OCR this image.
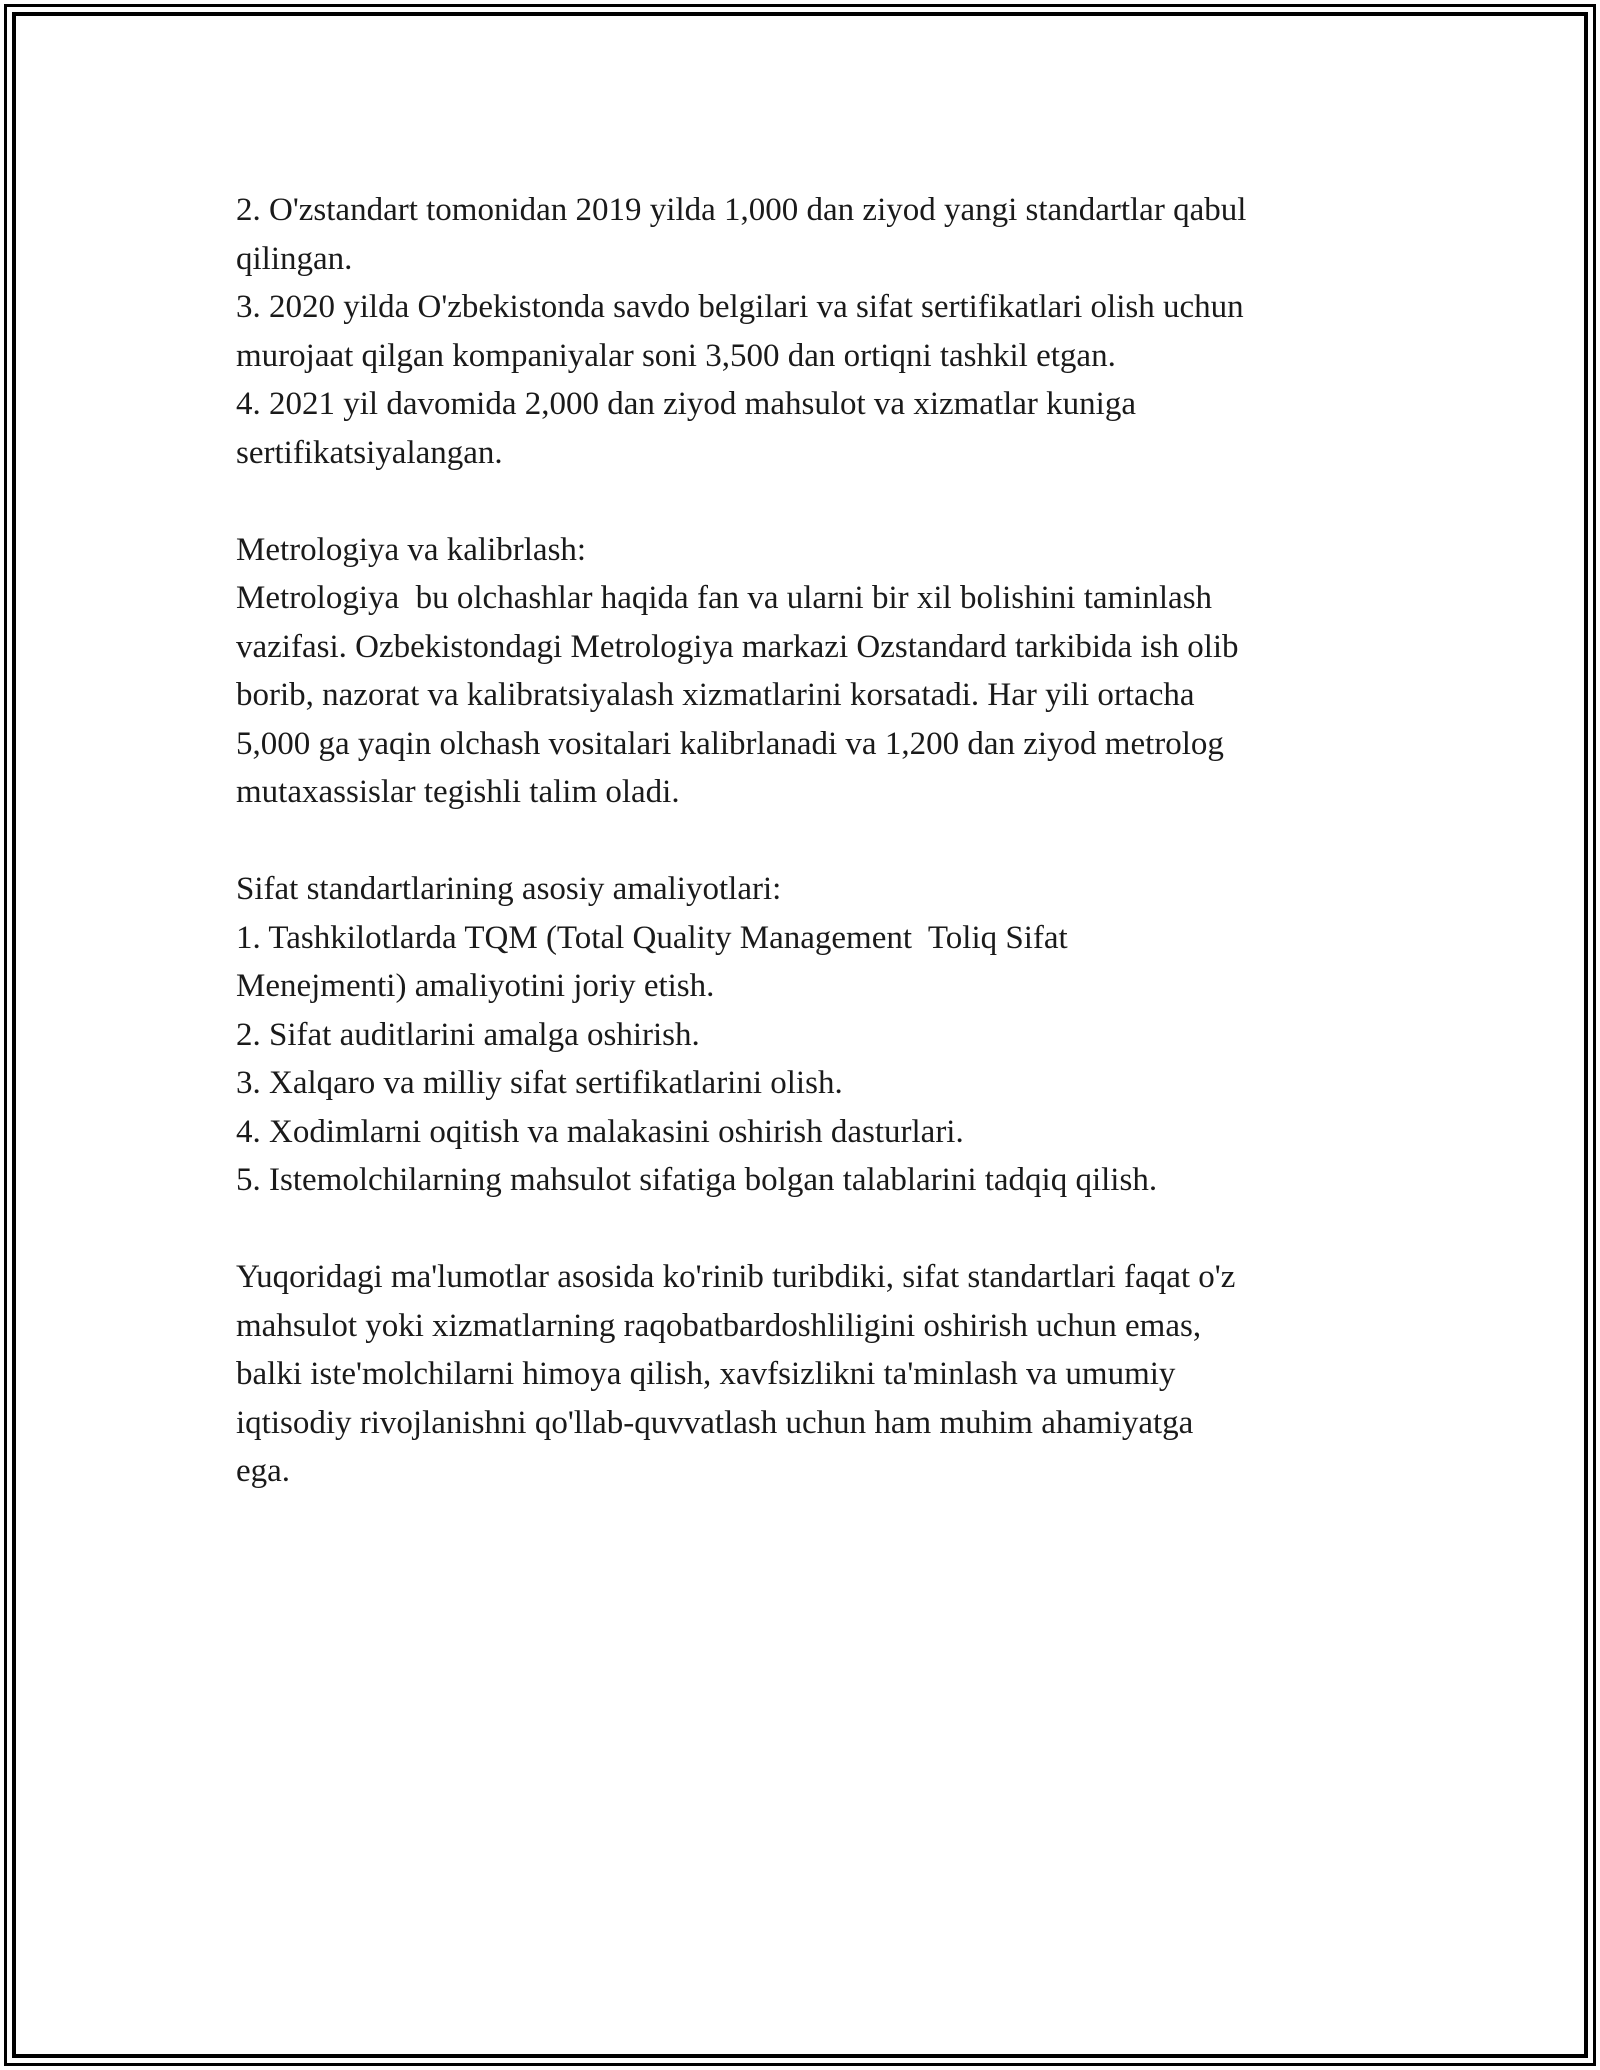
2. O'zstandart tomonidan 2019 yilda 1,000 dan ziyod yangi standartlar qabul
qilingan.
3. 2020 yilda O'zbekistonda savdo belgilari va sifat sertifikatlari olish uchun
murojaat qilgan kompaniyalar soni 3,500 dan ortiqni tashkil etgan.
4. 2021 yil davomida 2,000 dan ziyod mahsulot va xizmatlar kuniga
sertifikatsiyalangan.
Metrologiya va kalibrlash:
Metrologiya  bu olchashlar haqida fan va ularni bir xil bolishini taminlash
vazifasi. Ozbekistondagi Metrologiya markazi Ozstandard tarkibida ish olib
borib, nazorat va kalibratsiyalash xizmatlarini korsatadi. Har yili ortacha
5,000 ga yaqin olchash vositalari kalibrlanadi va 1,200 dan ziyod metrolog
mutaxassislar tegishli talim oladi.
Sifat standartlarining asosiy amaliyotlari:
1. Tashkilotlarda TQM (Total Quality Management  Toliq Sifat
Menejmenti) amaliyotini joriy etish.
2. Sifat auditlarini amalga oshirish.
3. Xalqaro va milliy sifat sertifikatlarini olish.
4. Xodimlarni oqitish va malakasini oshirish dasturlari.
5. Istemolchilarning mahsulot sifatiga bolgan talablarini tadqiq qilish.
Yuqoridagi ma'lumotlar asosida ko'rinib turibdiki, sifat standartlari faqat o'z
mahsulot yoki xizmatlarning raqobatbardoshliligini oshirish uchun emas,
balki iste'molchilarni himoya qilish, xavfsizlikni ta'minlash va umumiy
iqtisodiy rivojlanishni qo'llab-quvvatlash uchun ham muhim ahamiyatga
ega.
